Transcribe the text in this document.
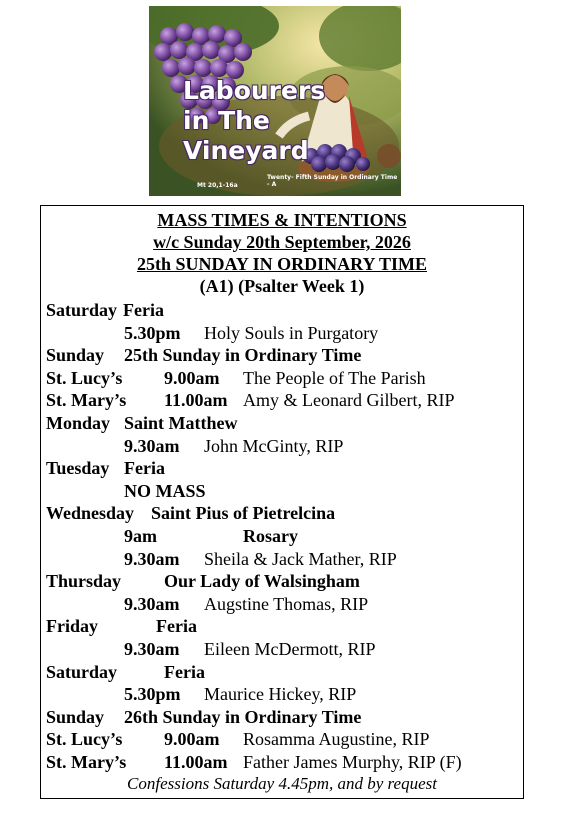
Labourers
in The
Vineyard
Twenty- Fifth Sunday in Ordinary Time - A
Mt 20,1-16a
MASS TIMES & INTENTIONS
w/c Sunday 20th September, 2026
25th SUNDAY IN ORDINARY TIME
(A1) (Psalter Week 1)
Saturday Feria
5.30pm Holy Souls in Purgatory
Sunday 25th Sunday in Ordinary Time
St. Lucy’s 9.00am The People of The Parish
St. Mary’s 11.00am Amy & Leonard Gilbert, RIP
Monday Saint Matthew
9.30am John McGinty, RIP
Tuesday Feria
NO MASS
Wednesday Saint Pius of Pietrelcina
9am	Rosary
9.30am Sheila & Jack Mather, RIP
Thursday Our Lady of Walsingham
9.30am Augstine Thomas, RIP
Friday	Feria
9.30am Eileen McDermott, RIP
Saturday	Feria
5.30pm Maurice Hickey, RIP
Sunday 26th Sunday in Ordinary Time
St. Lucy’s 9.00am Rosamma Augustine, RIP
St. Mary’s 11.00am Father James Murphy, RIP (F)
Confessions Saturday 4.45pm, and by request
